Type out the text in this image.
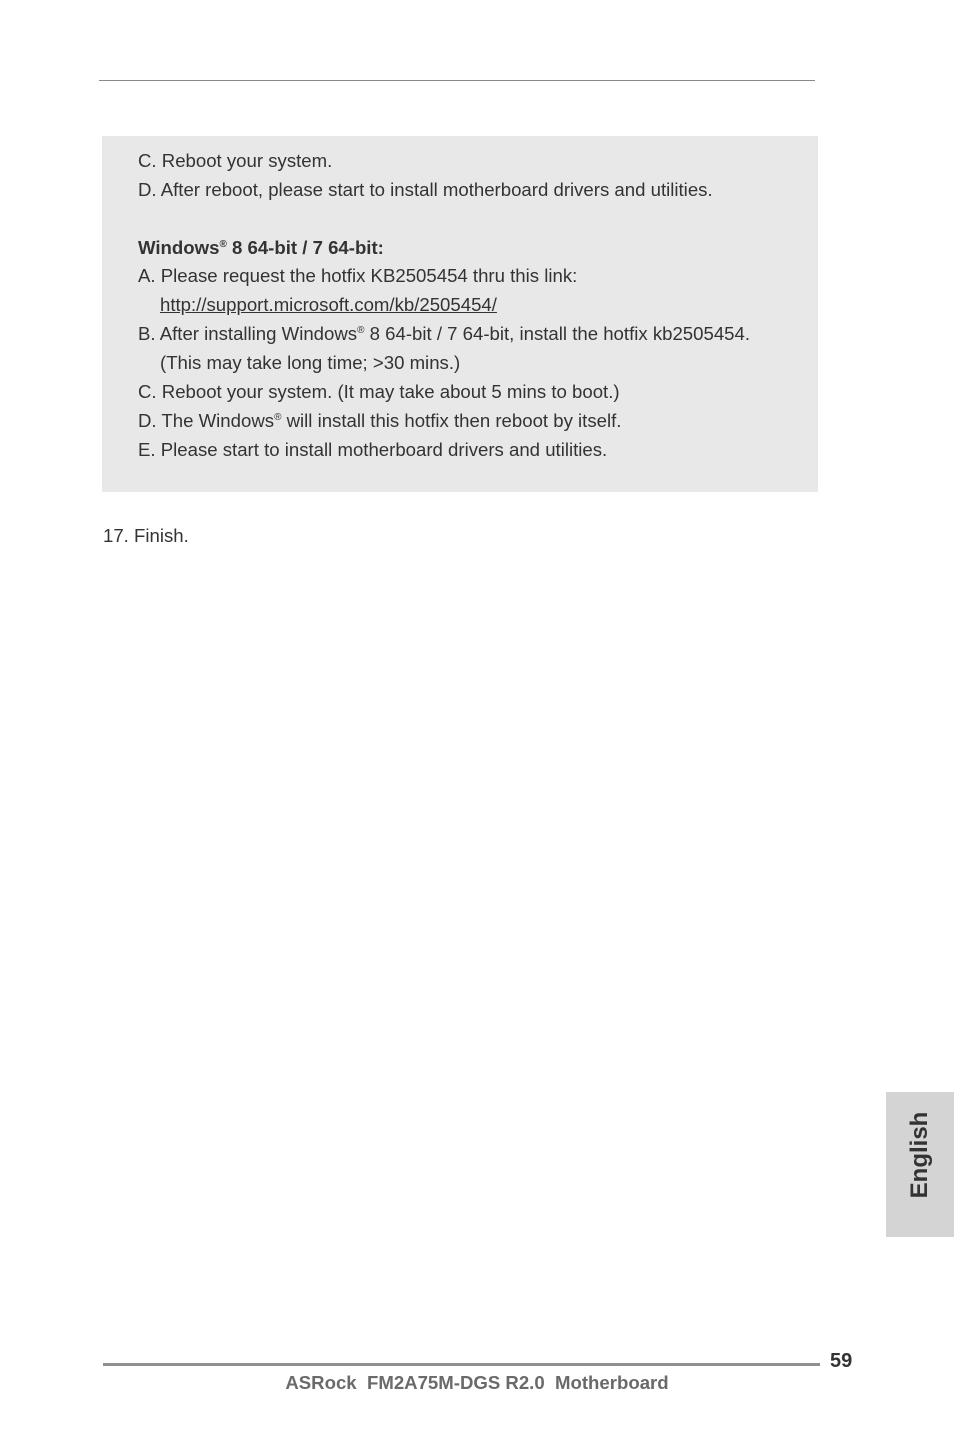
C. Reboot your system.
D. After reboot, please start to install motherboard drivers and utilities.
Windows® 8 64-bit / 7 64-bit:
A. Please request the hotfix KB2505454 thru this link:
http://support.microsoft.com/kb/2505454/
B. After installing Windows® 8 64-bit / 7 64-bit, install the hotfix kb2505454.
(This may take long time; >30 mins.)
C. Reboot your system. (It may take about 5 mins to boot.)
D. The Windows® will install this hotfix then reboot by itself.
E. Please start to install motherboard drivers and utilities.
17. Finish.
English
59
ASRock  FM2A75M-DGS R2.0  Motherboard
